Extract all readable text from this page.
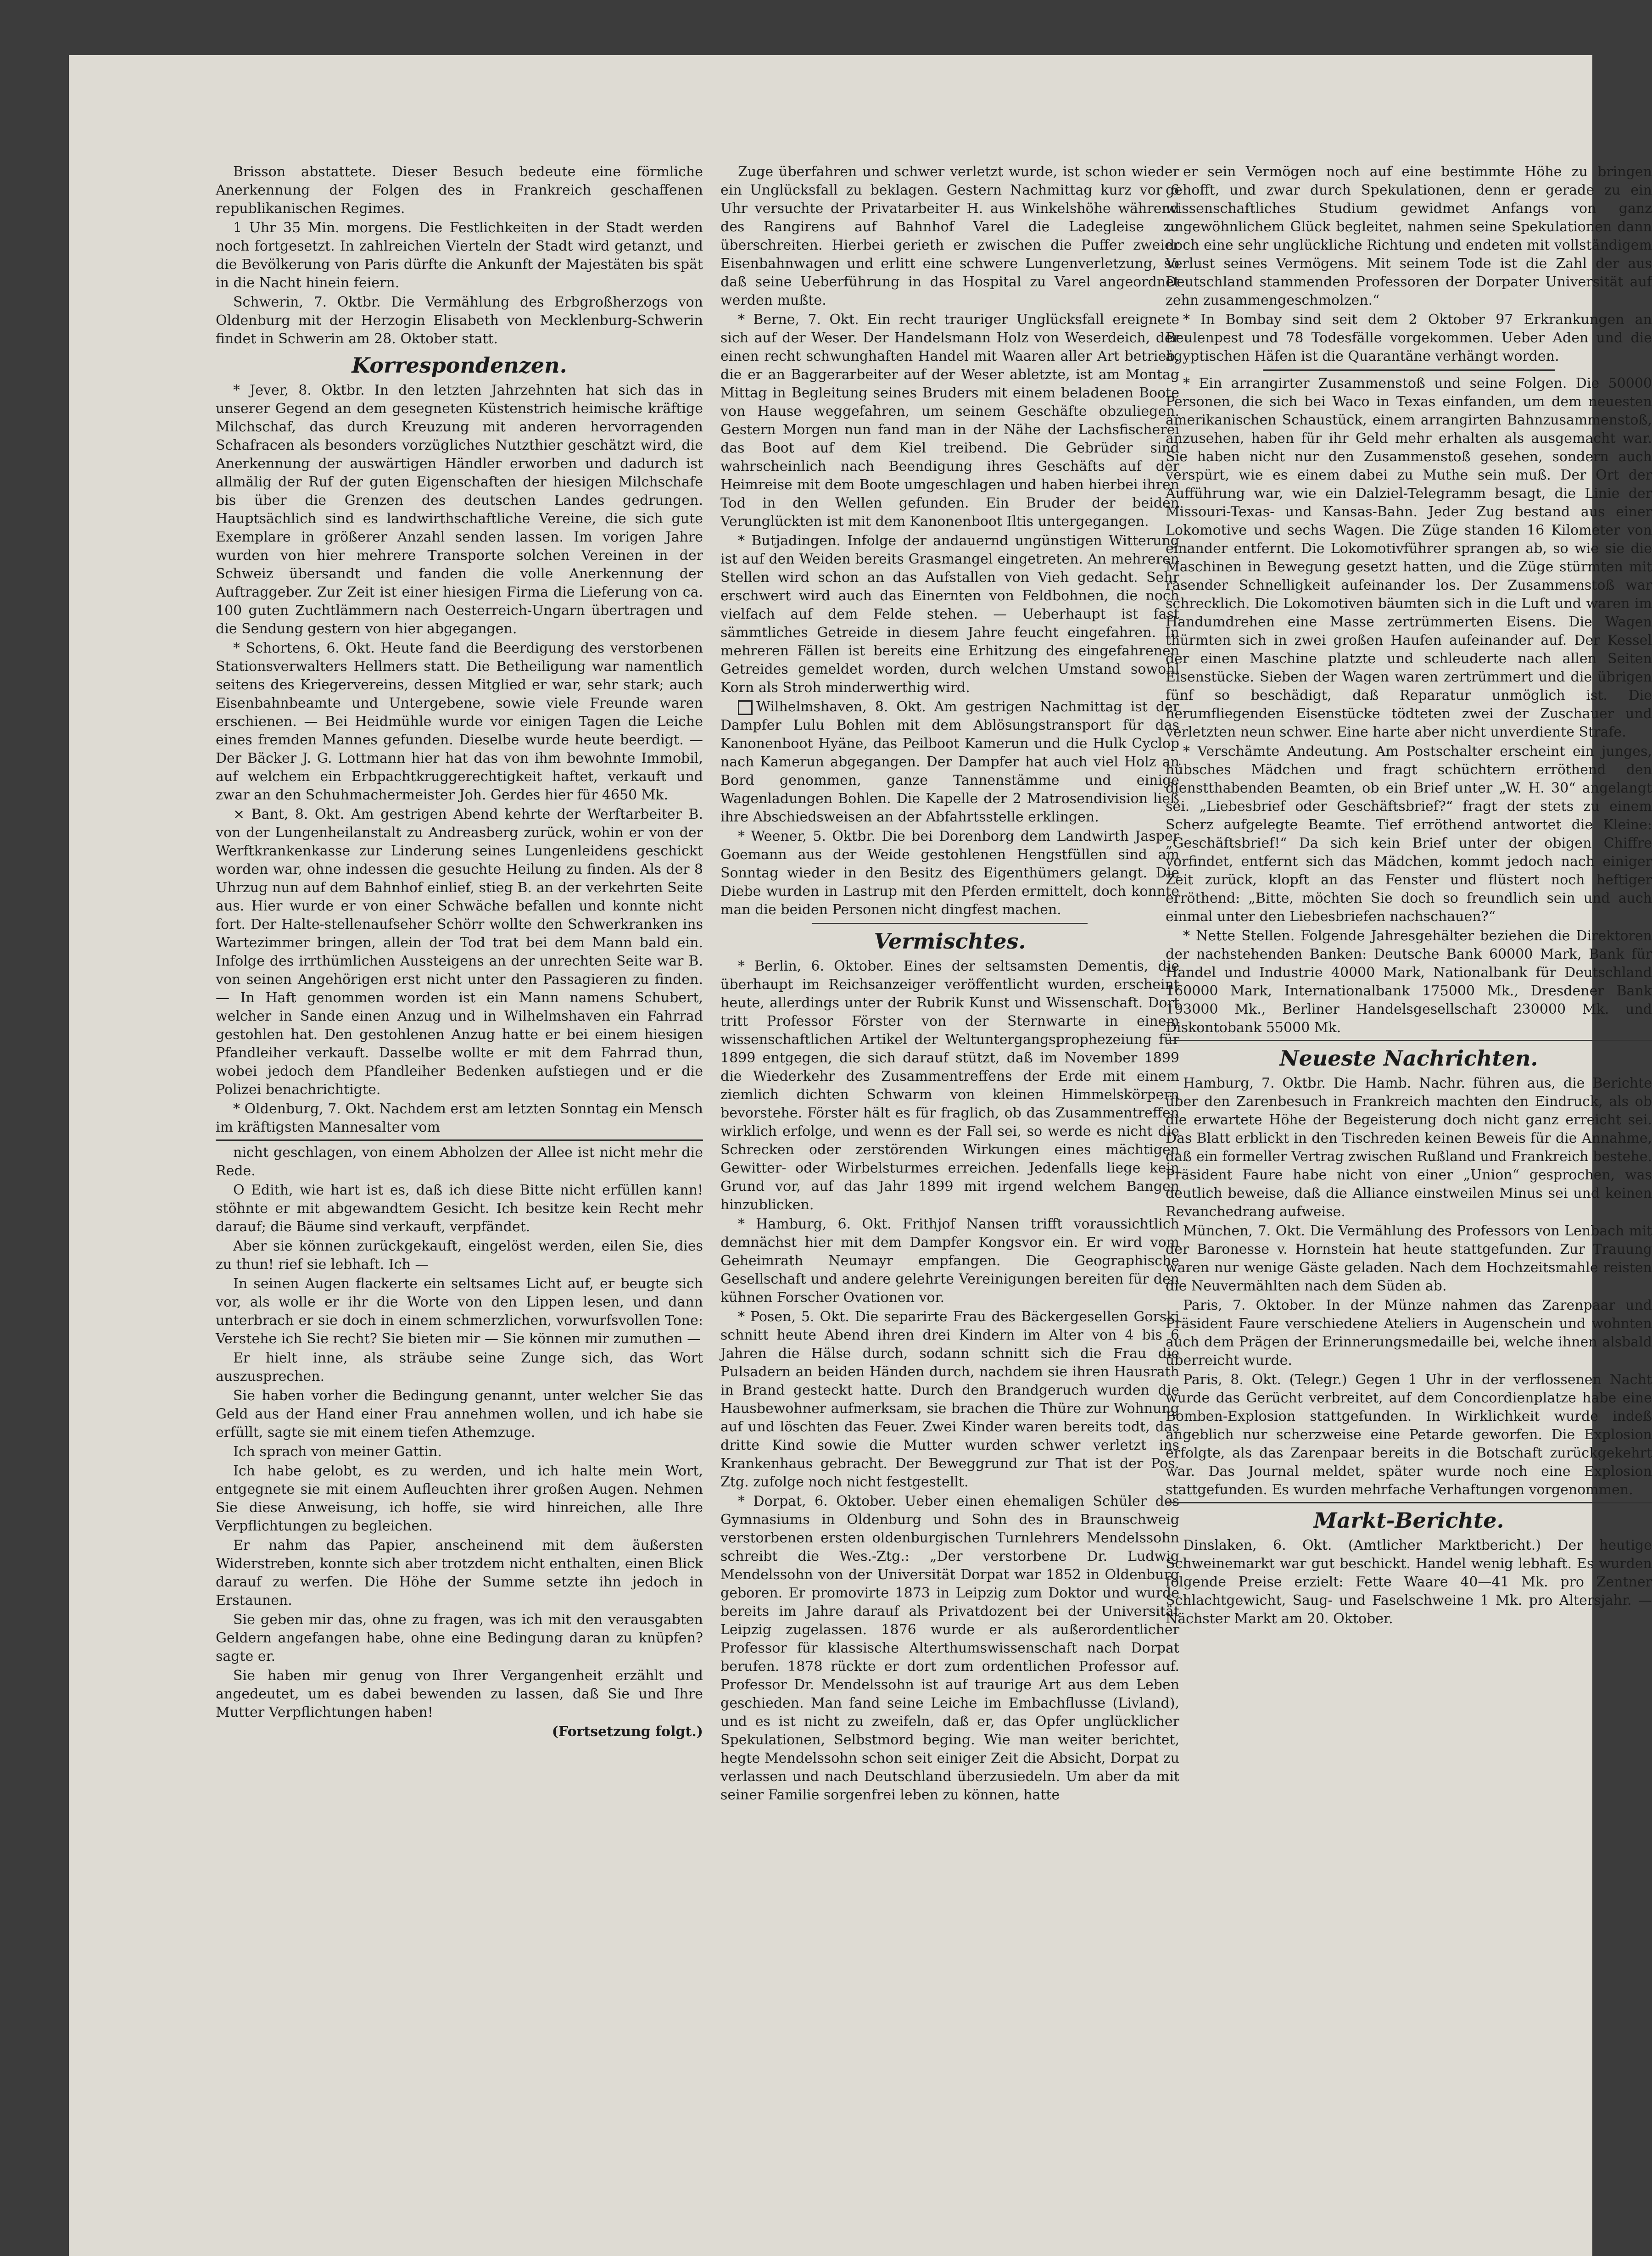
Brisson abstattete. Dieser Besuch bedeute eine förmliche Anerkennung der Folgen des in Frankreich geschaffenen republikanischen Regimes.

1 Uhr 35 Min. morgens. Die Festlichkeiten in der Stadt werden noch fortgesetzt. In zahlreichen Vierteln der Stadt wird getanzt, und die Bevölkerung von Paris dürfte die Ankunft der Majestäten bis spät in die Nacht hinein feiern.

Schwerin, 7. Oktbr. Die Vermählung des Erbgroßherzogs von Oldenburg mit der Herzogin Elisabeth von Mecklenburg-Schwerin findet in Schwerin am 28. Oktober statt.

Korrespondenzen.

* Jever, 8. Oktbr. In den letzten Jahrzehnten hat sich das in unserer Gegend an dem gesegneten Küstenstrich heimische kräftige Milchschaf, das durch Kreuzung mit anderen hervorragenden Schafracen als besonders vorzügliches Nutzthier geschätzt wird, die Anerkennung der auswärtigen Händler erworben und dadurch ist allmälig der Ruf der guten Eigenschaften der hiesigen Milchschafe bis über die Grenzen des deutschen Landes gedrungen. Hauptsächlich sind es landwirthschaftliche Vereine, die sich gute Exemplare in größerer Anzahl senden lassen. Im vorigen Jahre wurden von hier mehrere Transporte solchen Vereinen in der Schweiz übersandt und fanden die volle Anerkennung der Auftraggeber. Zur Zeit ist einer hiesigen Firma die Lieferung von ca. 100 guten Zuchtlämmern nach Oesterreich-Ungarn übertragen und die Sendung gestern von hier abgegangen.

* Schortens, 6. Okt. Heute fand die Beerdigung des verstorbenen Stationsverwalters Hellmers statt. Die Betheiligung war namentlich seitens des Kriegervereins, dessen Mitglied er war, sehr stark; auch Eisenbahnbeamte und Untergebene, sowie viele Freunde waren erschienen. — Bei Heidmühle wurde vor einigen Tagen die Leiche eines fremden Mannes gefunden. Dieselbe wurde heute beerdigt. — Der Bäcker J. G. Lottmann hier hat das von ihm bewohnte Immobil, auf welchem ein Erbpachtkruggerechtigkeit haftet, verkauft und zwar an den Schuhmachermeister Joh. Gerdes hier für 4650 Mk.

× Bant, 8. Okt. Am gestrigen Abend kehrte der Werftarbeiter B. von der Lungenheilanstalt zu Andreasberg zurück, wohin er von der Werftkrankenkasse zur Linderung seines Lungenleidens geschickt worden war, ohne indessen die gesuchte Heilung zu finden. Als der 8 Uhrzug nun auf dem Bahnhof einlief, stieg B. an der verkehrten Seite aus. Hier wurde er von einer Schwäche befallen und konnte nicht fort. Der Halte-stellenaufseher Schörr wollte den Schwerkranken ins Wartezimmer bringen, allein der Tod trat bei dem Mann bald ein. Infolge des irrthümlichen Aussteigens an der unrechten Seite war B. von seinen Angehörigen erst nicht unter den Passagieren zu finden. — In Haft genommen worden ist ein Mann namens Schubert, welcher in Sande einen Anzug und in Wilhelmshaven ein Fahrrad gestohlen hat. Den gestohlenen Anzug hatte er bei einem hiesigen Pfandleiher verkauft. Dasselbe wollte er mit dem Fahrrad thun, wobei jedoch dem Pfandleiher Bedenken aufstiegen und er die Polizei benachrichtigte.

* Oldenburg, 7. Okt. Nachdem erst am letzten Sonntag ein Mensch im kräftigsten Mannesalter vom

nicht geschlagen, von einem Abholzen der Allee ist nicht mehr die Rede.

O Edith, wie hart ist es, daß ich diese Bitte nicht erfüllen kann! stöhnte er mit abgewandtem Gesicht. Ich besitze kein Recht mehr darauf; die Bäume sind verkauft, verpfändet.

Aber sie können zurückgekauft, eingelöst werden, eilen Sie, dies zu thun! rief sie lebhaft. Ich —

In seinen Augen flackerte ein seltsames Licht auf, er beugte sich vor, als wolle er ihr die Worte von den Lippen lesen, und dann unterbrach er sie doch in einem schmerzlichen, vorwurfsvollen Tone: Verstehe ich Sie recht? Sie bieten mir — Sie können mir zumuthen —

Er hielt inne, als sträube seine Zunge sich, das Wort auszusprechen.

Sie haben vorher die Bedingung genannt, unter welcher Sie das Geld aus der Hand einer Frau annehmen wollen, und ich habe sie erfüllt, sagte sie mit einem tiefen Athemzuge.

Ich sprach von meiner Gattin.

Ich habe gelobt, es zu werden, und ich halte mein Wort, entgegnete sie mit einem Aufleuchten ihrer großen Augen. Nehmen Sie diese Anweisung, ich hoffe, sie wird hinreichen, alle Ihre Verpflichtungen zu begleichen.

Er nahm das Papier, anscheinend mit dem äußersten Widerstreben, konnte sich aber trotzdem nicht enthalten, einen Blick darauf zu werfen. Die Höhe der Summe setzte ihn jedoch in Erstaunen.

Sie geben mir das, ohne zu fragen, was ich mit den verausgabten Geldern angefangen habe, ohne eine Bedingung daran zu knüpfen? sagte er.

Sie haben mir genug von Ihrer Vergangenheit erzählt und angedeutet, um es dabei bewenden zu lassen, daß Sie und Ihre Mutter Verpflichtungen haben!

(Fortsetzung folgt.)

Zuge überfahren und schwer verletzt wurde, ist schon wieder ein Unglücksfall zu beklagen. Gestern Nachmittag kurz vor 6 Uhr versuchte der Privatarbeiter H. aus Winkelshöhe während des Rangirens auf Bahnhof Varel die Ladegleise zu überschreiten. Hierbei gerieth er zwischen die Puffer zweier Eisenbahnwagen und erlitt eine schwere Lungenverletzung, so daß seine Ueberführung in das Hospital zu Varel angeordnet werden mußte.

* Berne, 7. Okt. Ein recht trauriger Unglücksfall ereignete sich auf der Weser. Der Handelsmann Holz von Weserdeich, der einen recht schwunghaften Handel mit Waaren aller Art betrieb, die er an Baggerarbeiter auf der Weser abletzte, ist am Montag Mittag in Begleitung seines Bruders mit einem beladenen Boote von Hause weggefahren, um seinem Geschäfte obzuliegen. Gestern Morgen nun fand man in der Nähe der Lachsfischerei das Boot auf dem Kiel treibend. Die Gebrüder sind wahrscheinlich nach Beendigung ihres Geschäfts auf der Heimreise mit dem Boote umgeschlagen und haben hierbei ihren Tod in den Wellen gefunden. Ein Bruder der beiden Verunglückten ist mit dem Kanonenboot Iltis untergegangen.

* Butjadingen. Infolge der andauernd ungünstigen Witterung ist auf den Weiden bereits Grasmangel eingetreten. An mehreren Stellen wird schon an das Aufstallen von Vieh gedacht. Sehr erschwert wird auch das Einernten von Feldbohnen, die noch vielfach auf dem Felde stehen. — Ueberhaupt ist fast sämmtliches Getreide in diesem Jahre feucht eingefahren. In mehreren Fällen ist bereits eine Erhitzung des eingefahrenen Getreides gemeldet worden, durch welchen Umstand sowohl Korn als Stroh minderwerthig wird.

Wilhelmshaven, 8. Okt. Am gestrigen Nachmittag ist der Dampfer Lulu Bohlen mit dem Ablösungstransport für das Kanonenboot Hyäne, das Peilboot Kamerun und die Hulk Cyclop nach Kamerun abgegangen. Der Dampfer hat auch viel Holz an Bord genommen, ganze Tannenstämme und einige Wagenladungen Bohlen. Die Kapelle der 2 Matrosendivision ließ ihre Abschiedsweisen an der Abfahrtsstelle erklingen.

* Weener, 5. Oktbr. Die bei Dorenborg dem Landwirth Jasper Goemann aus der Weide gestohlenen Hengstfüllen sind am Sonntag wieder in den Besitz des Eigenthümers gelangt. Die Diebe wurden in Lastrup mit den Pferden ermittelt, doch konnte man die beiden Personen nicht dingfest machen.

Vermischtes.

* Berlin, 6. Oktober. Eines der seltsamsten Dementis, die überhaupt im Reichsanzeiger veröffentlicht wurden, erscheint heute, allerdings unter der Rubrik Kunst und Wissenschaft. Dort tritt Professor Förster von der Sternwarte in einem wissenschaftlichen Artikel der Weltuntergangsprophezeiung für 1899 entgegen, die sich darauf stützt, daß im November 1899 die Wiederkehr des Zusammentreffens der Erde mit einem ziemlich dichten Schwarm von kleinen Himmelskörpern bevorstehe. Förster hält es für fraglich, ob das Zusammentreffen wirklich erfolge, und wenn es der Fall sei, so werde es nicht die Schrecken oder zerstörenden Wirkungen eines mächtigen Gewitter- oder Wirbelsturmes erreichen. Jedenfalls liege kein Grund vor, auf das Jahr 1899 mit irgend welchem Bangen hinzublicken.

* Hamburg, 6. Okt. Frithjof Nansen trifft voraussichtlich demnächst hier mit dem Dampfer Kongsvor ein. Er wird vom Geheimrath Neumayr empfangen. Die Geographische Gesellschaft und andere gelehrte Vereinigungen bereiten für den kühnen Forscher Ovationen vor.

* Posen, 5. Okt. Die separirte Frau des Bäckergesellen Gorski schnitt heute Abend ihren drei Kindern im Alter von 4 bis 6 Jahren die Hälse durch, sodann schnitt sich die Frau die Pulsadern an beiden Händen durch, nachdem sie ihren Hausrath in Brand gesteckt hatte. Durch den Brandgeruch wurden die Hausbewohner aufmerksam, sie brachen die Thüre zur Wohnung auf und löschten das Feuer. Zwei Kinder waren bereits todt, das dritte Kind sowie die Mutter wurden schwer verletzt ins Krankenhaus gebracht. Der Beweggrund zur That ist der Pos. Ztg. zufolge noch nicht festgestellt.

* Dorpat, 6. Oktober. Ueber einen ehemaligen Schüler des Gymnasiums in Oldenburg und Sohn des in Braunschweig verstorbenen ersten oldenburgischen Turnlehrers Mendelssohn schreibt die Wes.-Ztg.: „Der verstorbene Dr. Ludwig Mendelssohn von der Universität Dorpat war 1852 in Oldenburg geboren. Er promovirte 1873 in Leipzig zum Doktor und wurde bereits im Jahre darauf als Privatdozent bei der Universität Leipzig zugelassen. 1876 wurde er als außerordentlicher Professor für klassische Alterthumswissenschaft nach Dorpat berufen. 1878 rückte er dort zum ordentlichen Professor auf. Professor Dr. Mendelssohn ist auf traurige Art aus dem Leben geschieden. Man fand seine Leiche im Embachflusse (Livland), und es ist nicht zu zweifeln, daß er, das Opfer unglücklicher Spekulationen, Selbstmord beging. Wie man weiter berichtet, hegte Mendelssohn schon seit einiger Zeit die Absicht, Dorpat zu verlassen und nach Deutschland überzusiedeln. Um aber da mit seiner Familie sorgenfrei leben zu können, hatte

er sein Vermögen noch auf eine bestimmte Höhe zu bringen gehofft, und zwar durch Spekulationen, denn er gerade zu ein wissenschaftliches Studium gewidmet Anfangs von ganz ungewöhnlichem Glück begleitet, nahmen seine Spekulationen dann doch eine sehr unglückliche Richtung und endeten mit vollständigem Verlust seines Vermögens. Mit seinem Tode ist die Zahl der aus Deutschland stammenden Professoren der Dorpater Universität auf zehn zusammengeschmolzen.“

* In Bombay sind seit dem 2 Oktober 97 Erkrankungen an Beulenpest und 78 Todesfälle vorgekommen. Ueber Aden und die ägyptischen Häfen ist die Quarantäne verhängt worden.

* Ein arrangirter Zusammenstoß und seine Folgen. Die 50000 Personen, die sich bei Waco in Texas einfanden, um dem neuesten amerikanischen Schaustück, einem arrangirten Bahnzusammenstoß, anzusehen, haben für ihr Geld mehr erhalten als ausgemacht war. Sie haben nicht nur den Zusammenstoß gesehen, sondern auch verspürt, wie es einem dabei zu Muthe sein muß. Der Ort der Aufführung war, wie ein Dalziel-Telegramm besagt, die Linie der Missouri-Texas- und Kansas-Bahn. Jeder Zug bestand aus einer Lokomotive und sechs Wagen. Die Züge standen 16 Kilometer von einander entfernt. Die Lokomotivführer sprangen ab, so wie sie die Maschinen in Bewegung gesetzt hatten, und die Züge stürmten mit rasender Schnelligkeit aufeinander los. Der Zusammenstoß war schrecklich. Die Lokomotiven bäumten sich in die Luft und waren im Handumdrehen eine Masse zertrümmerten Eisens. Die Wagen thürmten sich in zwei großen Haufen aufeinander auf. Der Kessel der einen Maschine platzte und schleuderte nach allen Seiten Eisenstücke. Sieben der Wagen waren zertrümmert und die übrigen fünf so beschädigt, daß Reparatur unmöglich ist. Die herumfliegenden Eisenstücke tödteten zwei der Zuschauer und verletzten neun schwer. Eine harte aber nicht unverdiente Strafe.

* Verschämte Andeutung. Am Postschalter erscheint ein junges, hübsches Mädchen und fragt schüchtern erröthend den dienstthabenden Beamten, ob ein Brief unter „W. H. 30“ angelangt sei. „Liebesbrief oder Geschäftsbrief?“ fragt der stets zu einem Scherz aufgelegte Beamte. Tief erröthend antwortet die Kleine: „Geschäftsbrief!“ Da sich kein Brief unter der obigen Chiffre vorfindet, entfernt sich das Mädchen, kommt jedoch nach einiger Zeit zurück, klopft an das Fenster und flüstert noch heftiger erröthend: „Bitte, möchten Sie doch so freundlich sein und auch einmal unter den Liebesbriefen nachschauen?“

* Nette Stellen. Folgende Jahresgehälter beziehen die Direktoren der nachstehenden Banken: Deutsche Bank 60000 Mark, Bank für Handel und Industrie 40000 Mark, Nationalbank für Deutschland 160000 Mark, Internationalbank 175000 Mk., Dresdener Bank 193000 Mk., Berliner Handelsgesellschaft 230000 Mk. und Diskontobank 55000 Mk.

Neueste Nachrichten.

Hamburg, 7. Oktbr. Die Hamb. Nachr. führen aus, die Berichte über den Zarenbesuch in Frankreich machten den Eindruck, als ob die erwartete Höhe der Begeisterung doch nicht ganz erreicht sei. Das Blatt erblickt in den Tischreden keinen Beweis für die Annahme, daß ein formeller Vertrag zwischen Rußland und Frankreich bestehe. Präsident Faure habe nicht von einer „Union“ gesprochen, was deutlich beweise, daß die Alliance einstweilen Minus sei und keinen Revanchedrang aufweise.

München, 7. Okt. Die Vermählung des Professors von Lenbach mit der Baronesse v. Hornstein hat heute stattgefunden. Zur Trauung waren nur wenige Gäste geladen. Nach dem Hochzeitsmahle reisten die Neuvermählten nach dem Süden ab.

Paris, 7. Oktober. In der Münze nahmen das Zarenpaar und Präsident Faure verschiedene Ateliers in Augenschein und wohnten auch dem Prägen der Erinnerungsmedaille bei, welche ihnen alsbald überreicht wurde.

Paris, 8. Okt. (Telegr.) Gegen 1 Uhr in der verflossenen Nacht wurde das Gerücht verbreitet, auf dem Concordienplatze habe eine Bomben-Explosion stattgefunden. In Wirklichkeit wurde indeß angeblich nur scherzweise eine Petarde geworfen. Die Explosion erfolgte, als das Zarenpaar bereits in die Botschaft zurückgekehrt war. Das Journal meldet, später wurde noch eine Explosion stattgefunden. Es wurden mehrfache Verhaftungen vorgenommen.

Markt-Berichte.

Dinslaken, 6. Okt. (Amtlicher Marktbericht.) Der heutige Schweinemarkt war gut beschickt. Handel wenig lebhaft. Es wurden folgende Preise erzielt: Fette Waare 40—41 Mk. pro Zentner Schlachtgewicht, Saug- und Faselschweine 1 Mk. pro Altersjahr. — Nächster Markt am 20. Oktober.
